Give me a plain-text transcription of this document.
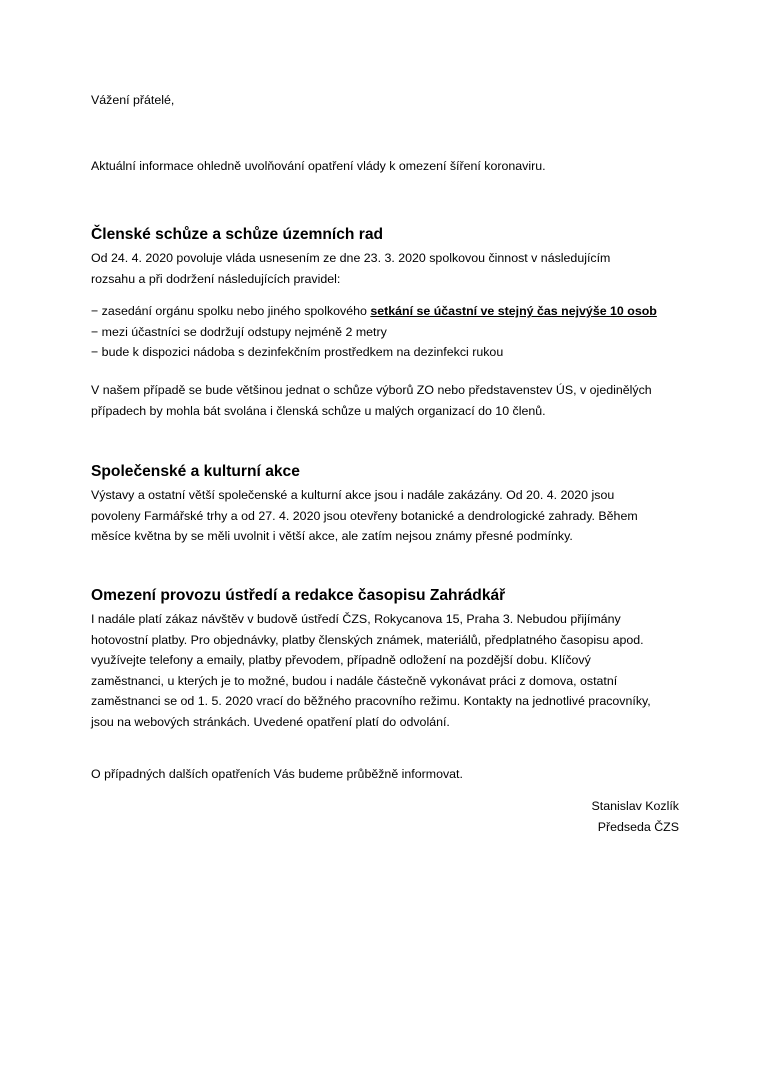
Vážení přátelé,
Aktuální informace ohledně uvolňování opatření vlády k omezení šíření koronaviru.
Členské schůze a schůze územních rad
Od 24. 4. 2020 povoluje vláda usnesením ze dne 23. 3. 2020 spolkovou činnost v následujícím
rozsahu a při dodržení následujících pravidel:
− zasedání orgánu spolku nebo jiného spolkového setkání se účastní ve stejný čas nejvýše 10 osob
− mezi účastníci se dodržují odstupy nejméně 2 metry
− bude k dispozici nádoba s dezinfekčním prostředkem na dezinfekci rukou
V našem případě se bude většinou jednat o schůze výborů ZO nebo představenstev ÚS, v ojedinělých
případech by mohla bát svolána i členská schůze u malých organizací do 10 členů.
Společenské a kulturní akce
Výstavy a ostatní větší společenské a kulturní akce jsou i nadále zakázány. Od 20. 4. 2020 jsou
povoleny Farmářské trhy a od 27. 4. 2020 jsou otevřeny botanické a dendrologické zahrady. Během
měsíce května by se měli uvolnit i větší akce, ale zatím nejsou známy přesné podmínky.
Omezení provozu ústředí a redakce časopisu Zahrádkář
I nadále platí zákaz návštěv v budově ústředí ČZS, Rokycanova 15, Praha 3. Nebudou přijímány
hotovostní platby. Pro objednávky, platby členských známek, materiálů, předplatného časopisu apod.
využívejte telefony a emaily, platby převodem, případně odložení na pozdější dobu. Klíčový
zaměstnanci, u kterých je to možné, budou i nadále částečně vykonávat práci z domova, ostatní
zaměstnanci se od 1. 5. 2020 vrací do běžného pracovního režimu. Kontakty na jednotlivé pracovníky,
jsou na webových stránkách. Uvedené opatření platí do odvolání.
O případných dalších opatřeních Vás budeme průběžně informovat.
Stanislav Kozlík
Předseda ČZS
